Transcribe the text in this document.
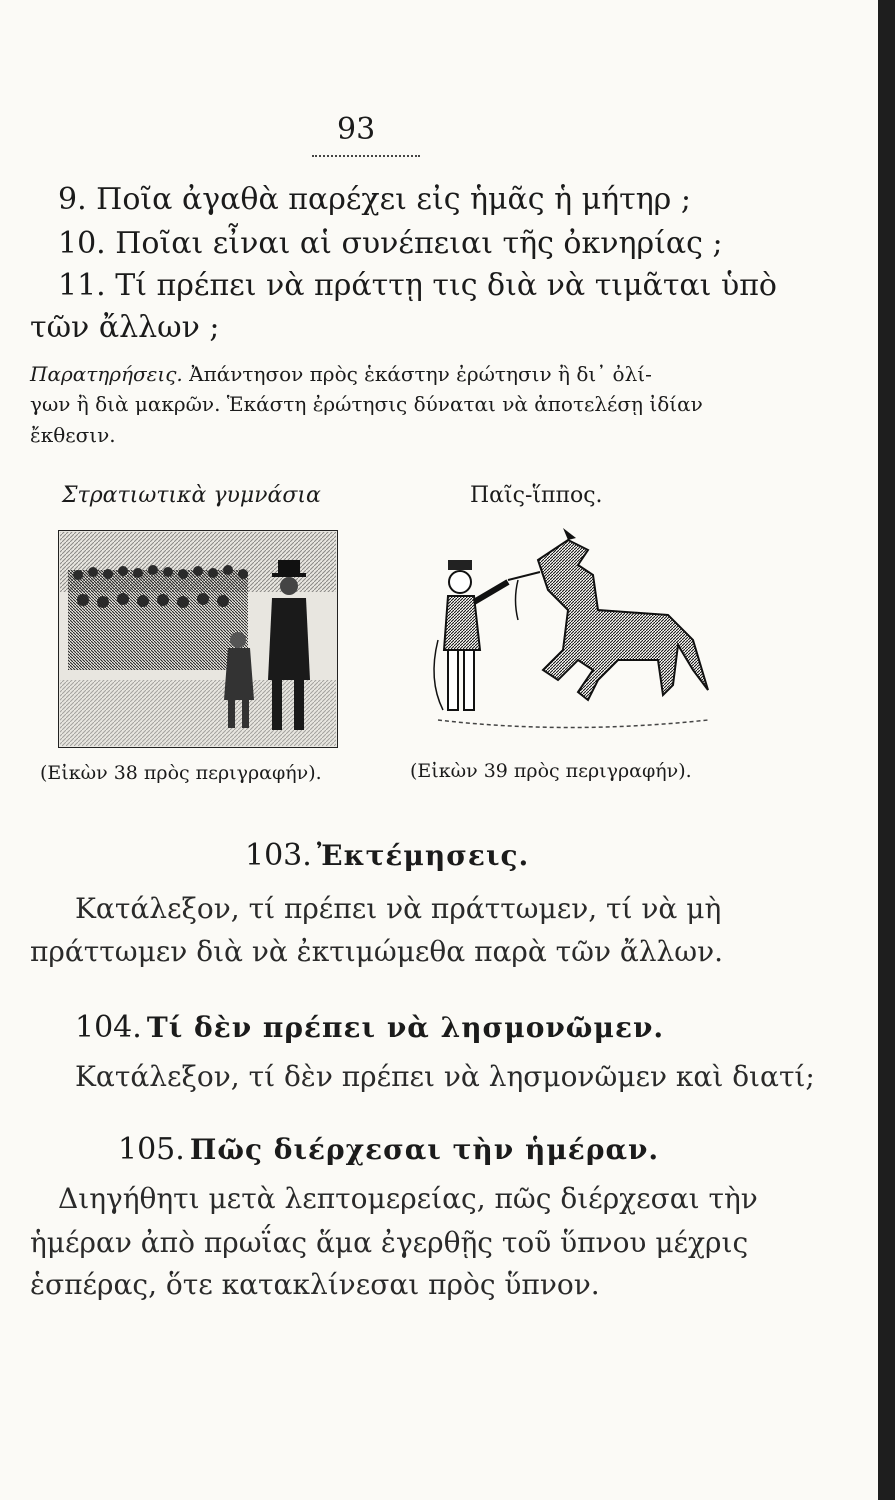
93
9. Ποῖα ἀγαθὰ παρέχει εἰς ἡμᾶς ἡ μήτηρ ;
10. Ποῖαι εἶναι αἱ συνέπειαι τῆς ὀκνηρίας ;
11. Τί πρέπει νὰ πράττῃ τις διὰ νὰ τιμᾶται ὑπὸ
τῶν ἄλλων ;
Παρατηρήσεις. Ἀπάντησον πρὸς ἑκάστην ἐρώτησιν ἢ δι᾿ ὀλί-
γων ἢ διὰ μακρῶν. Ἑκάστη ἐρώτησις δύναται νὰ ἀποτελέσῃ ἰδίαν
ἔκθεσιν.
Στρατιωτικὰ γυμνάσια	Παῖς-ἵππος.
(Εἰκὼν 38 πρὸς περιγραφήν).	(Εἰκὼν 39 πρὸς περιγραφήν).
103. Ἐκτέμησεις.
Κατάλεξον, τί πρέπει νὰ πράττωμεν, τί νὰ μὴ
πράττωμεν διὰ νὰ ἐκτιμώμεθα παρὰ τῶν ἄλλων.
104. Τί δὲν πρέπει νὰ λησμονῶμεν.
Κατάλεξον, τί δὲν πρέπει νὰ λησμονῶμεν καὶ διατί;
105. Πῶς διέρχεσαι τὴν ἡμέραν.
Διηγήθητι μετὰ λεπτομερείας, πῶς διέρχεσαι τὴν
ἡμέραν ἀπὸ πρωΐας ἅμα ἐγερθῇς τοῦ ὕπνου μέχρις
ἑσπέρας, ὅτε κατακλίνεσαι πρὸς ὕπνον.
